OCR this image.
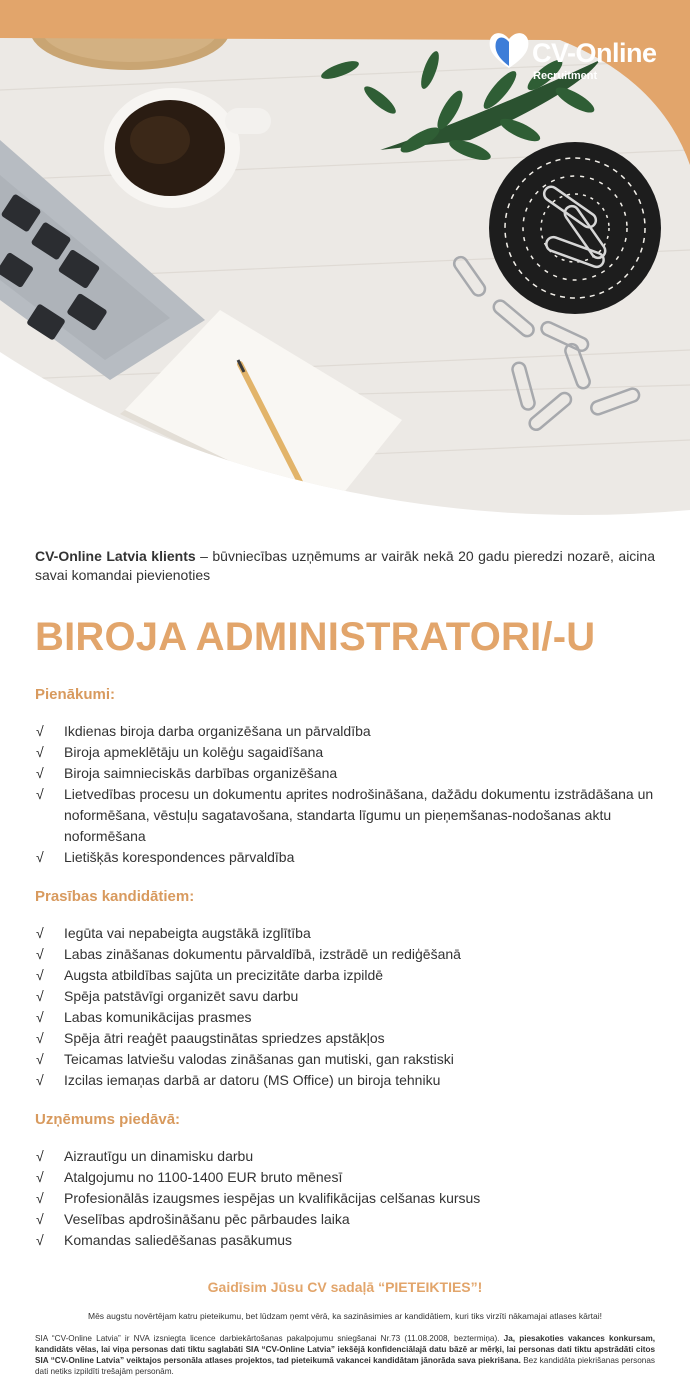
CV-Online
Recruitment

CV-Online Latvia klients – būvniecības uzņēmums ar vairāk nekā 20 gadu pieredzi nozarē, aicina savai komandai pievienoties

BIROJA ADMINISTRATORI/-U
Pienākumi:
√ Ikdienas biroja darba organizēšana un pārvaldība
√ Biroja apmeklētāju un kolēģu sagaidīšana
√ Biroja saimnieciskās darbības organizēšana
√ Lietvedības procesu un dokumentu aprites nodrošināšana, dažādu dokumentu izstrādāšana un noformēšana, vēstuļu sagatavošana, standarta līgumu un pieņemšanas-nodošanas aktu noformēšana
√ Lietišķās korespondences pārvaldība
Prasības kandidātiem:
√ Iegūta vai nepabeigta augstākā izglītība
√ Labas zināšanas dokumentu pārvaldībā, izstrādē un rediģēšanā
√ Augsta atbildības sajūta un precizitāte darba izpildē
√ Spēja patstāvīgi organizēt savu darbu
√ Labas komunikācijas prasmes
√ Spēja ātri reaģēt paaugstinātas spriedzes apstākļos
√ Teicamas latviešu valodas zināšanas gan mutiski, gan rakstiski
√ Izcilas iemaņas darbā ar datoru (MS Office) un biroja tehniku
Uzņēmums piedāvā:
√ Aizrautīgu un dinamisku darbu
√ Atalgojumu no 1100-1400 EUR bruto mēnesī
√ Profesionālās izaugsmes iespējas un kvalifikācijas celšanas kursus
√ Veselības apdrošināšanu pēc pārbaudes laika
√ Komandas saliedēšanas pasākumus

Gaidīsim Jūsu CV sadaļā “PIETEIKTIES”!

Mēs augstu novērtējam katru pieteikumu, bet lūdzam ņemt vērā, ka sazināsimies ar kandidātiem, kuri tiks virzīti nākamajai atlases kārtai!

SIA “CV-Online Latvia” ir NVA izsniegta licence darbiekārtošanas pakalpojumu sniegšanai Nr.73 (11.08.2008, beztermiņa). Ja, piesakoties vakances konkursam, kandidāts vēlas, lai viņa personas dati tiktu saglabāti SIA “CV-Online Latvia” iekšējā konfidenciālajā datu bāzē ar mērķi, lai personas dati tiktu apstrādāti citos SIA “CV-Online Latvia” veiktajos personāla atlases projektos, tad pieteikumā vakancei kandidātam jānorāda sava piekrišana. Bez kandidāta piekrišanas personas dati netiks izpildīti trešajām personām.
